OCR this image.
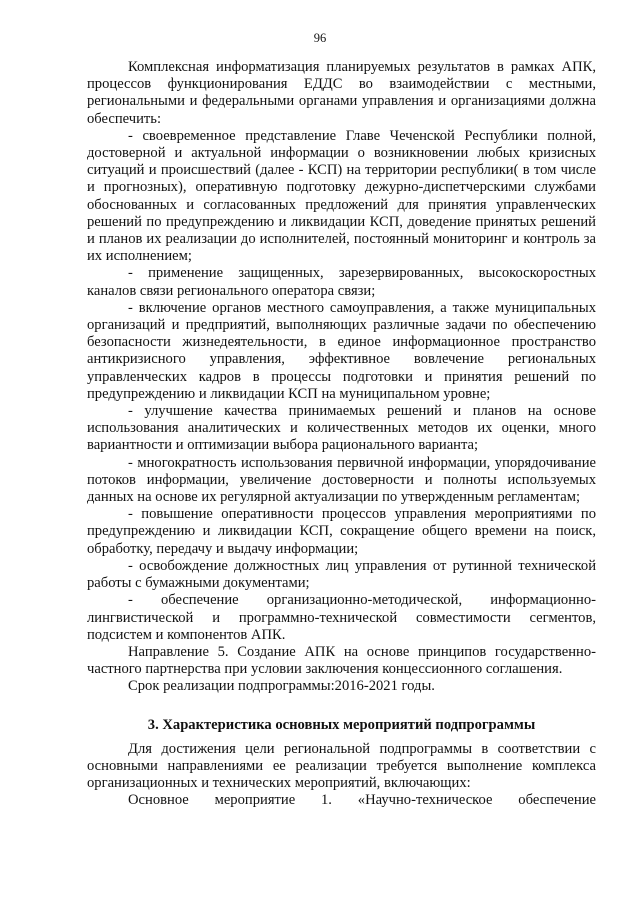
96

Комплексная информатизация планируемых результатов в рамках АПК, процессов функционирования ЕДДС во взаимодействии с местными, региональными и федеральными органами управления и организациями должна обеспечить:

- своевременное представление Главе Чеченской Республики полной, достоверной и актуальной информации о возникновении любых кризисных ситуаций и происшествий (далее - КСП) на территории республики( в том числе и прогнозных), оперативную подготовку дежурно-диспетчерскими службами обоснованных и согласованных предложений для принятия управленческих решений по предупреждению и ликвидации КСП, доведение принятых решений и планов их реализации до исполнителей, постоянный мониторинг и контроль за их исполнением;

- применение защищенных, зарезервированных, высокоскоростных каналов связи регионального оператора связи;

- включение органов местного самоуправления, а также муниципальных организаций и предприятий, выполняющих различные задачи по обеспечению безопасности жизнедеятельности, в единое информационное пространство антикризисного управления, эффективное вовлечение региональных управленческих кадров в процессы подготовки и принятия решений по предупреждению и ликвидации КСП на муниципальном уровне;

- улучшение качества принимаемых решений и планов на основе использования аналитических и количественных методов их оценки, много вариантности и оптимизации выбора рационального варианта;

- многократность использования первичной информации, упорядочивание потоков информации, увеличение достоверности и полноты используемых данных на основе их регулярной актуализации по утвержденным регламентам;

- повышение оперативности процессов управления мероприятиями по предупреждению и ликвидации КСП, сокращение общего времени на поиск, обработку, передачу и выдачу информации;

- освобождение должностных лиц управления от рутинной технической работы с бумажными документами;

- обеспечение организационно-методической, информационно-лингвистической и программно-технической совместимости сегментов, подсистем и компонентов АПК.

Направление 5. Создание АПК на основе принципов государственно-частного партнерства при условии заключения концессионного соглашения.

Срок реализации подпрограммы:2016-2021 годы.

3. Характеристика основных мероприятий подпрограммы

Для достижения цели региональной подпрограммы в соответствии с основными направлениями ее реализации требуется выполнение комплекса организационных и технических мероприятий, включающих:

Основное мероприятие 1. «Научно-техническое обеспечение
